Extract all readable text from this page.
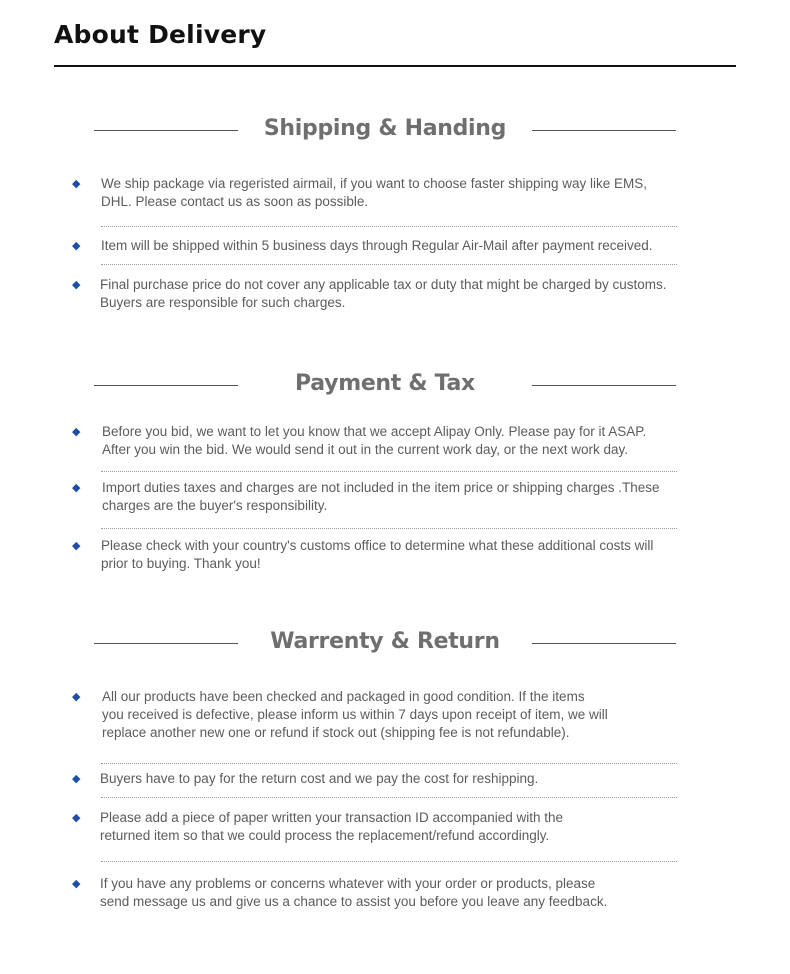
About Delivery
Shipping & Handing
◆ We ship package via regeristed airmail, if you want to choose faster shipping way like EMS,
DHL. Please contact us as soon as possible.
◆ Item will be shipped within 5 business days through Regular Air-Mail after payment received.
◆ Final purchase price do not cover any applicable tax or duty that might be charged by customs.
Buyers are responsible for such charges.
Payment & Tax
◆ Before you bid, we want to let you know that we accept Alipay Only. Please pay for it ASAP.
After you win the bid. We would send it out in the current work day, or the next work day.
◆ Import duties taxes and charges are not included in the item price or shipping charges .These
charges are the buyer's responsibility.
◆ Please check with your country's customs office to determine what these additional costs will
prior to buying. Thank you!
Warrenty & Return
◆ All our products have been checked and packaged in good condition. If the items
you received is defective, please inform us within 7 days upon receipt of item, we will
replace another new one or refund if stock out (shipping fee is not refundable).
◆ Buyers have to pay for the return cost and we pay the cost for reshipping.
◆ Please add a piece of paper written your transaction ID accompanied with the
returned item so that we could process the replacement/refund accordingly.
◆ If you have any problems or concerns whatever with your order or products, please
send message us and give us a chance to assist you before you leave any feedback.
